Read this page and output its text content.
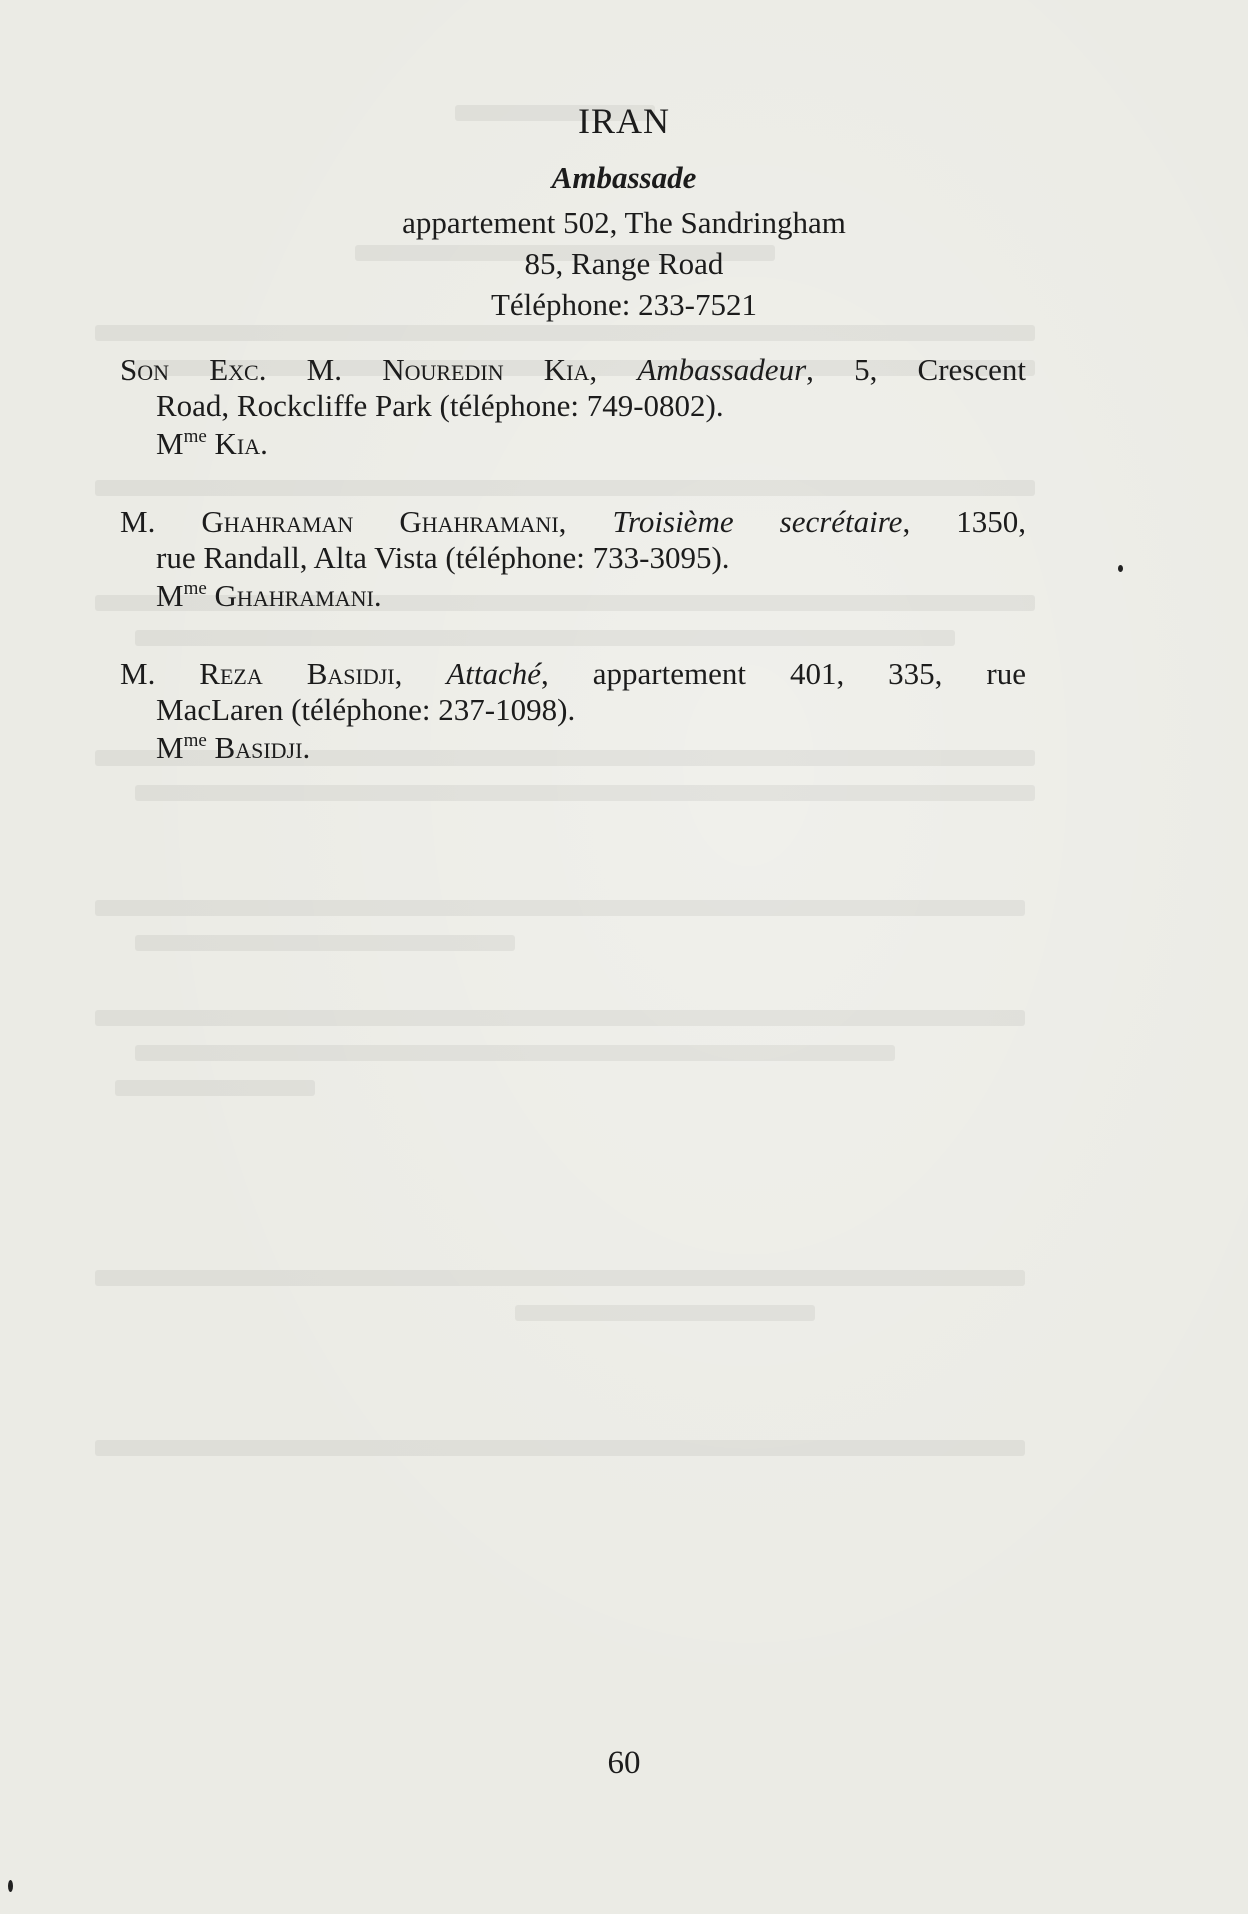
IRAN
Ambassade
appartement 502, The Sandringham
85, Range Road
Téléphone: 233-7521
Son Exc. M. Nouredin Kia, Ambassadeur, 5, Crescent
Road, Rockcliffe Park (téléphone: 749-0802).
$M^{me}$ Kia.
M. Ghahraman Ghahramani, Troisième secrétaire, 1350,
rue Randall, Alta Vista (téléphone: 733-3095).
$M^{me}$ Ghahramani.
M. Reza Basidji, Attaché, appartement 401, 335, rue
MacLaren (téléphone: 237-1098).
$M^{me}$ Basidji.
60
